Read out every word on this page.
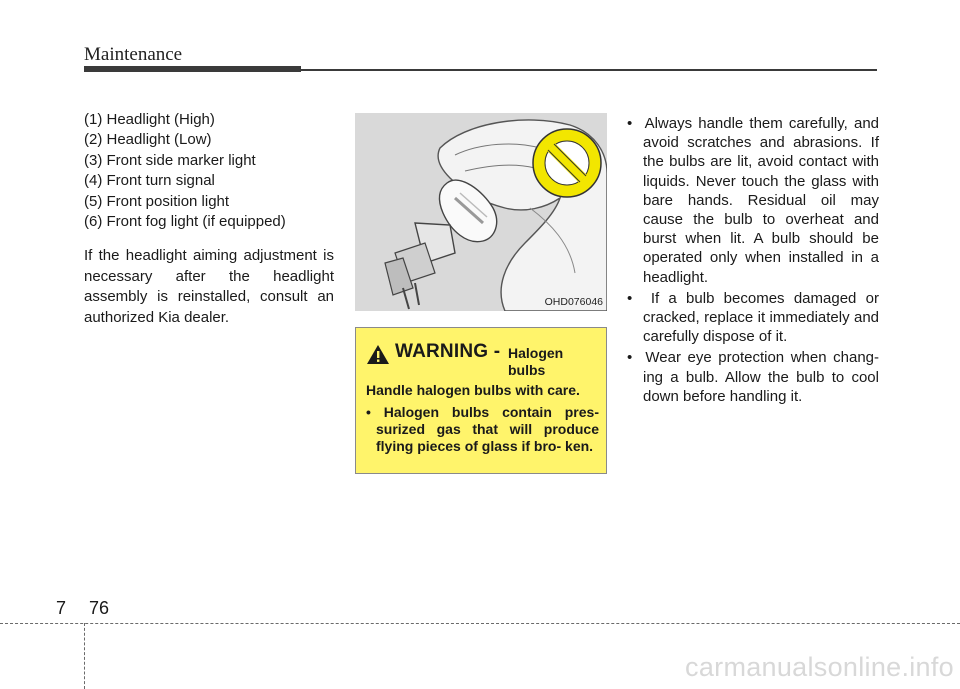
Maintenance

(1) Headlight (High)

(2) Headlight (Low)

(3) Front side marker light

(4) Front turn signal

(5) Front position light

(6) Front fog light (if equipped)

If the headlight aiming adjustment is necessary after the headlight assembly is reinstalled, consult an authorized Kia dealer.

OHD076046
WARNING - Halogen
bulbs
Handle halogen bulbs with care.
• Halogen bulbs contain pres- surized gas that will produce flying pieces of glass if bro- ken.
•  Always handle them carefully, and avoid scratches and abrasions. If the bulbs are lit, avoid contact with liquids. Never touch the glass with bare hands. Residual oil may cause the bulb to overheat and burst when lit. A bulb should be operated only when installed in a headlight.
•  If a bulb becomes damaged or cracked, replace it immediately and carefully dispose of it.
•  Wear eye protection when chang- ing a bulb. Allow the bulb to cool down before handling it.
7 76
carmanualsonline.info
